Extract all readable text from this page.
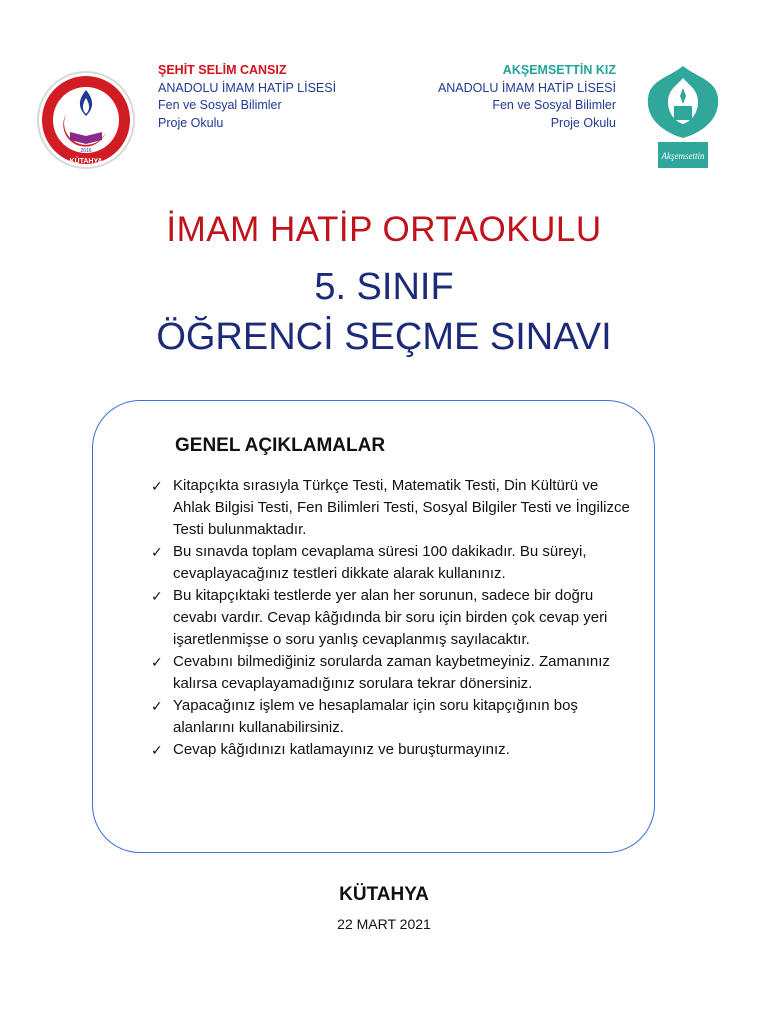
KÜTAHYA
2016
ŞEHİT SELİM CANSIZ
ANADOLU İMAM HATİP LİSESİ
Fen ve Sosyal Bilimler
Proje Okulu
AKŞEMSETTİN KIZ
ANADOLU İMAM HATİP LİSESİ
Fen ve Sosyal Bilimler
Proje Okulu
Akşemsettin
İMAM HATİP ORTAOKULU
5. SINIF
ÖĞRENCİ SEÇME SINAVI
GENEL AÇIKLAMALAR
✓ Kitapçıkta sırasıyla Türkçe Testi, Matematik Testi, Din Kültürü ve Ahlak Bilgisi Testi, Fen Bilimleri Testi, Sosyal Bilgiler Testi ve İngilizce Testi bulunmaktadır.
✓ Bu sınavda toplam cevaplama süresi 100 dakikadır. Bu süreyi, cevaplayacağınız testleri dikkate alarak kullanınız.
✓ Bu kitapçıktaki testlerde yer alan her sorunun, sadece bir doğru cevabı vardır. Cevap kâğıdında bir soru için birden çok cevap yeri işaretlenmişse o soru yanlış cevaplanmış sayılacaktır.
✓ Cevabını bilmediğiniz sorularda zaman kaybetmeyiniz. Zamanınız kalırsa cevaplayamadığınız sorulara tekrar dönersiniz.
✓ Yapacağınız işlem ve hesaplamalar için soru kitapçığının boş alanlarını kullanabilirsiniz.
✓ Cevap kâğıdınızı katlamayınız ve buruşturmayınız.
KÜTAHYA
22 MART 2021
